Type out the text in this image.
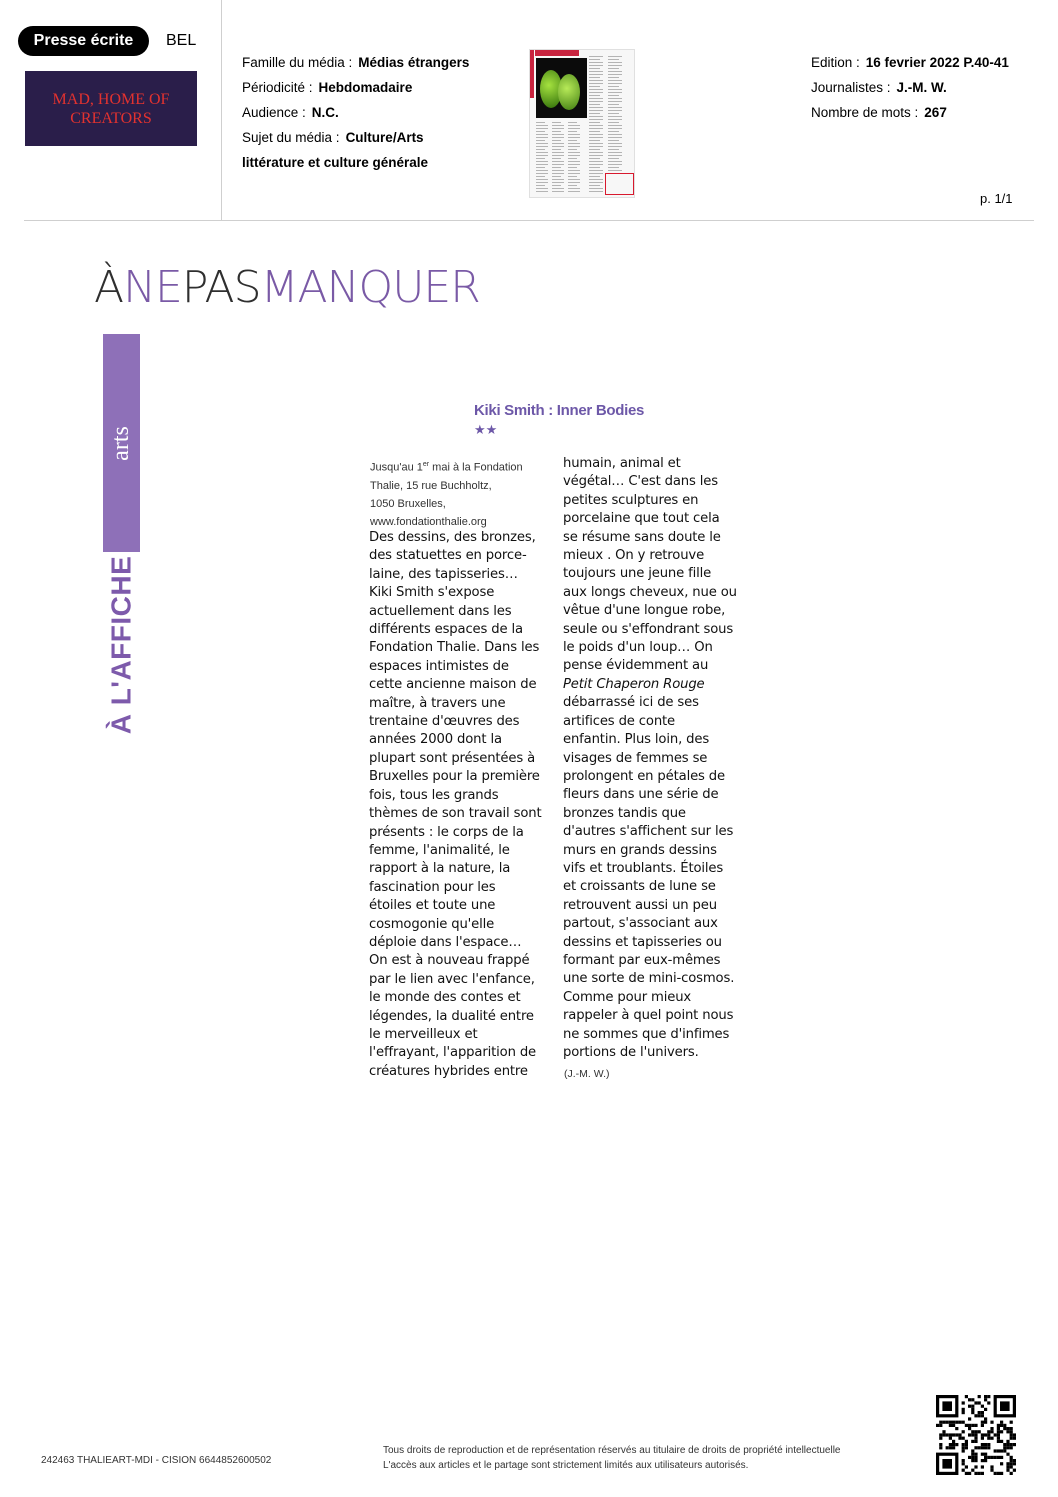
Presse écrite	BEL
MAD, HOME OF CREATORS
Famille du média : Médias étrangers
Périodicité : Hebdomadaire
Audience : N.C.
Sujet du média : Culture/Arts
littérature et culture générale
Edition : 16 fevrier 2022 P.40-41
Journalistes : J.-M. W.
Nombre de mots : 267
p. 1/1
ÀNEPASMANQUER
arts
À L'AFFICHE
Kiki Smith : Inner Bodies
★★
Jusqu'au 1er mai à la Fondation
Thalie, 15 rue Buchholtz,
1050 Bruxelles,
www.fondationthalie.org
Des dessins, des bronzes,
des statuettes en porce-
laine, des tapisseries…
Kiki Smith s'expose
actuellement dans les
différents espaces de la
Fondation Thalie. Dans les
espaces intimistes de
cette ancienne maison de
maître, à travers une
trentaine d'œuvres des
années 2000 dont la
plupart sont présentées à
Bruxelles pour la première
fois, tous les grands
thèmes de son travail sont
présents : le corps de la
femme, l'animalité, le
rapport à la nature, la
fascination pour les
étoiles et toute une
cosmogonie qu'elle
déploie dans l'espace…
On est à nouveau frappé
par le lien avec l'enfance,
le monde des contes et
légendes, la dualité entre
le merveilleux et
l'effrayant, l'apparition de
créatures hybrides entre
humain, animal et
végétal… C'est dans les
petites sculptures en
porcelaine que tout cela
se résume sans doute le
mieux . On y retrouve
toujours une jeune fille
aux longs cheveux, nue ou
vêtue d'une longue robe,
seule ou s'effondrant sous
le poids d'un loup… On
pense évidemment au
Petit Chaperon Rouge
débarrassé ici de ses
artifices de conte
enfantin. Plus loin, des
visages de femmes se
prolongent en pétales de
fleurs dans une série de
bronzes tandis que
d'autres s'affichent sur les
murs en grands dessins
vifs et troublants. Étoiles
et croissants de lune se
retrouvent aussi un peu
partout, s'associant aux
dessins et tapisseries ou
formant par eux-mêmes
une sorte de mini-cosmos.
Comme pour mieux
rappeler à quel point nous
ne sommes que d'infimes
portions de l'univers.
(J.-M. W.)
242463 THALIEART-MDI - CISION 6644852600502
Tous droits de reproduction et de représentation réservés au titulaire de droits de propriété intellectuelle
L'accès aux articles et le partage sont strictement limités aux utilisateurs autorisés.
